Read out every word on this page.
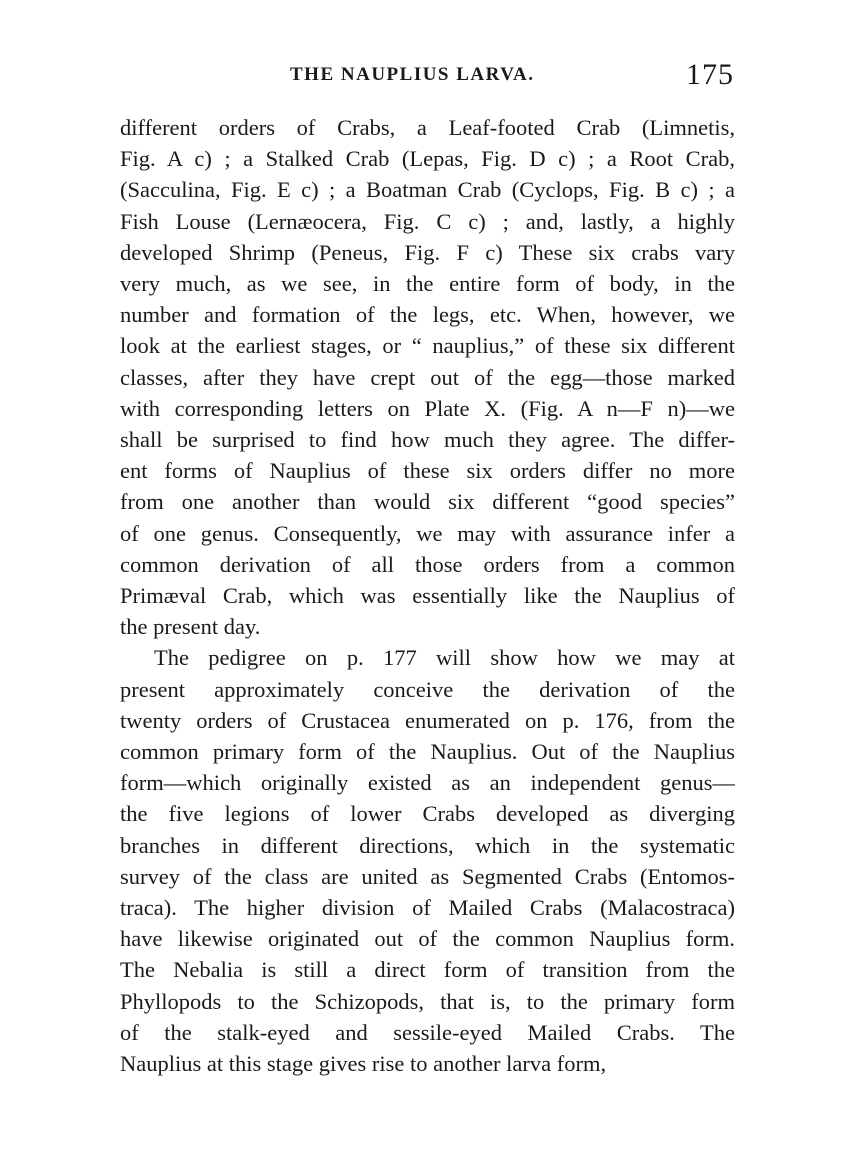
THE NAUPLIUS LARVA.	175
different orders of Crabs, a Leaf-footed Crab (Limnetis,
Fig. A c) ; a Stalked Crab (Lepas, Fig. D c) ; a Root Crab,
(Sacculina, Fig. E c) ; a Boatman Crab (Cyclops, Fig. B c) ; a
Fish Louse (Lernæocera, Fig. C c) ; and, lastly, a highly
developed Shrimp (Peneus, Fig. F c) These six crabs vary
very much, as we see, in the entire form of body, in the
number and formation of the legs, etc. When, however, we
look at the earliest stages, or “ nauplius,” of these six different
classes, after they have crept out of the egg—those marked
with corresponding letters on Plate X. (Fig. A n—F n)—we
shall be surprised to find how much they agree. The differ-
ent forms of Nauplius of these six orders differ no more
from one another than would six different “good species”
of one genus. Consequently, we may with assurance infer a
common derivation of all those orders from a common
Primæval Crab, which was essentially like the Nauplius of
the present day.
The pedigree on p. 177 will show how we may at
present approximately conceive the derivation of the
twenty orders of Crustacea enumerated on p. 176, from the
common primary form of the Nauplius. Out of the Nauplius
form—which originally existed as an independent genus—
the five legions of lower Crabs developed as diverging
branches in different directions, which in the systematic
survey of the class are united as Segmented Crabs (Entomos-
traca). The higher division of Mailed Crabs (Malacostraca)
have likewise originated out of the common Nauplius form.
The Nebalia is still a direct form of transition from the
Phyllopods to the Schizopods, that is, to the primary form
of the stalk-eyed and sessile-eyed Mailed Crabs. The
Nauplius at this stage gives rise to another larva form,
